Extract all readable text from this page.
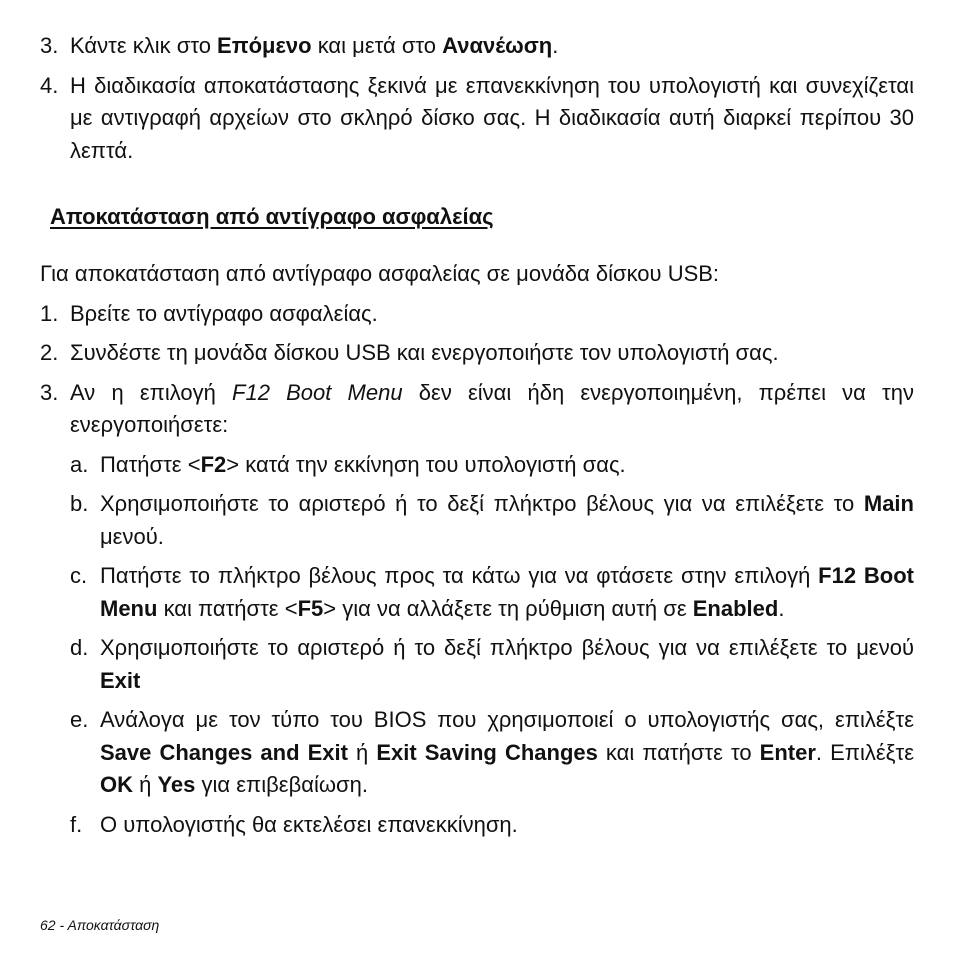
3. Κάντε κλικ στο Επόμενο και μετά στο Ανανέωση.

4. Η διαδικασία αποκατάστασης ξεκινά με επανεκκίνηση του υπολογιστή και συνεχίζεται με αντιγραφή αρχείων στο σκληρό δίσκο σας. Η διαδικασία αυτή διαρκεί περίπου 30 λεπτά.

Αποκατάσταση από αντίγραφο ασφαλείας

Για αποκατάσταση από αντίγραφο ασφαλείας σε μονάδα δίσκου USB:

1. Βρείτε το αντίγραφο ασφαλείας.

2. Συνδέστε τη μονάδα δίσκου USB και ενεργοποιήστε τον υπολογιστή σας.

3. Αν η επιλογή F12 Boot Menu δεν είναι ήδη ενεργοποιημένη, πρέπει να την ενεργοποιήσετε:

a. Πατήστε <F2> κατά την εκκίνηση του υπολογιστή σας.

b. Χρησιμοποιήστε το αριστερό ή το δεξί πλήκτρο βέλους για να επιλέξετε το Main μενού.

c. Πατήστε το πλήκτρο βέλους προς τα κάτω για να φτάσετε στην επιλογή F12 Boot Menu και πατήστε <F5> για να αλλάξετε τη ρύθμιση αυτή σε Enabled.

d. Χρησιμοποιήστε το αριστερό ή το δεξί πλήκτρο βέλους για να επιλέξετε το μενού Exit

e. Ανάλογα με τον τύπο του BIOS που χρησιμοποιεί ο υπολογιστής σας, επιλέξτε Save Changes and Exit ή Exit Saving Changes και πατήστε το Enter. Επιλέξτε OK ή Yes για επιβεβαίωση.

f. Ο υπολογιστής θα εκτελέσει επανεκκίνηση.

62 - Αποκατάσταση
